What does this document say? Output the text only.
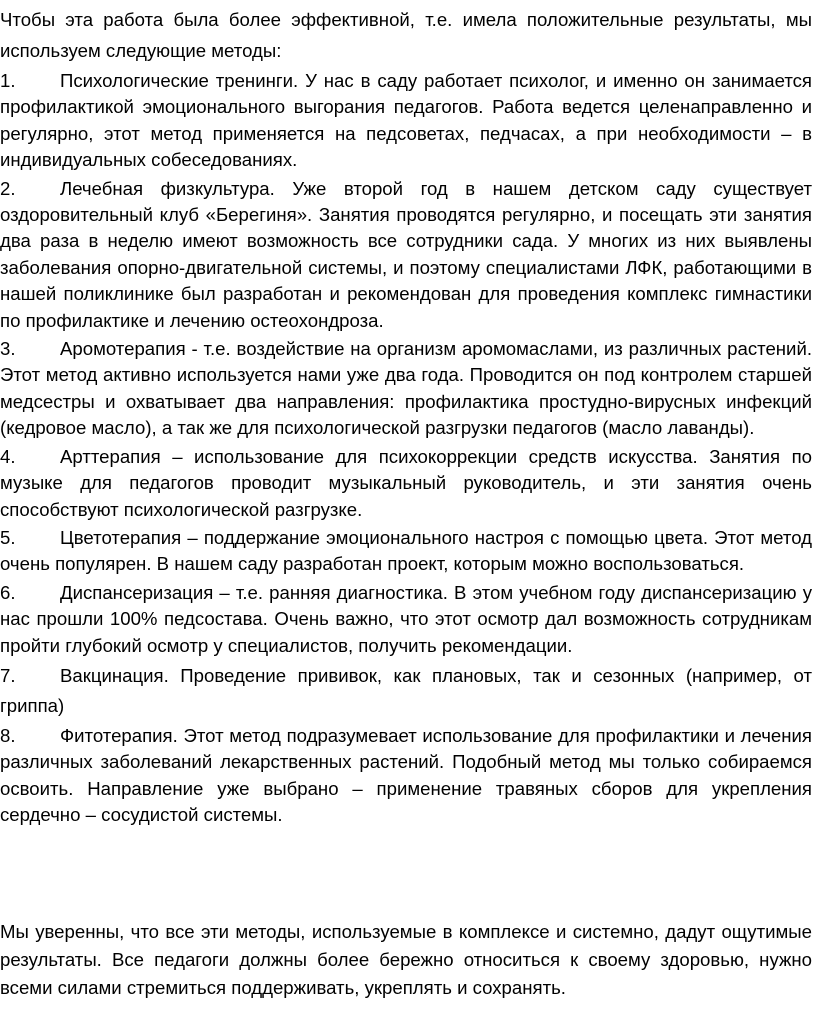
Чтобы эта работа была более эффективной, т.е. имела положительные результаты, мы используем следующие методы:

1. Психологические тренинги. У нас в саду работает психолог, и именно он занимается профилактикой эмоционального выгорания педагогов. Работа ведется целенаправленно и регулярно, этот метод применяется на педсоветах, педчасах, а при необходимости – в индивидуальных собеседованиях.

2. Лечебная физкультура. Уже второй год в нашем детском саду существует оздоровительный клуб «Берегиня». Занятия проводятся регулярно, и посещать эти занятия два раза в неделю имеют возможность все сотрудники сада. У многих из них выявлены заболевания опорно-двигательной системы, и поэтому специалистами ЛФК, работающими в нашей поликлинике был разработан и рекомендован для проведения комплекс гимнастики по профилактике и лечению остеохондроза.

3. Аромотерапия - т.е. воздействие на организм аромомаслами, из различных растений. Этот метод активно используется нами уже два года. Проводится он под контролем старшей медсестры и охватывает два направления: профилактика простудно-вирусных инфекций (кедровое масло), а так же для психологической разгрузки педагогов (масло лаванды).

4. Арттерапия – использование для психокоррекции средств искусства. Занятия по музыке для педагогов проводит музыкальный руководитель, и эти занятия очень способствуют психологической разгрузке.

5. Цветотерапия – поддержание эмоционального настроя с помощью цвета. Этот метод очень популярен. В нашем саду разработан проект, которым можно воспользоваться.

6. Диспансеризация – т.е. ранняя диагностика. В этом учебном году диспансеризацию у нас прошли 100% педсостава. Очень важно, что этот осмотр дал возможность сотрудникам пройти глубокий осмотр у специалистов, получить рекомендации.

7. Вакцинация. Проведение прививок, как плановых, так и сезонных (например, от гриппа)

8. Фитотерапия. Этот метод подразумевает использование для профилактики и лечения различных заболеваний лекарственных растений. Подобный метод мы только собираемся освоить. Направление уже выбрано – применение травяных сборов для укрепления сердечно – сосудистой системы.

Мы уверенны, что все эти методы, используемые в комплексе и системно, дадут ощутимые результаты. Все педагоги должны более бережно относиться к своему здоровью, нужно всеми силами стремиться поддерживать, укреплять и сохранять.
